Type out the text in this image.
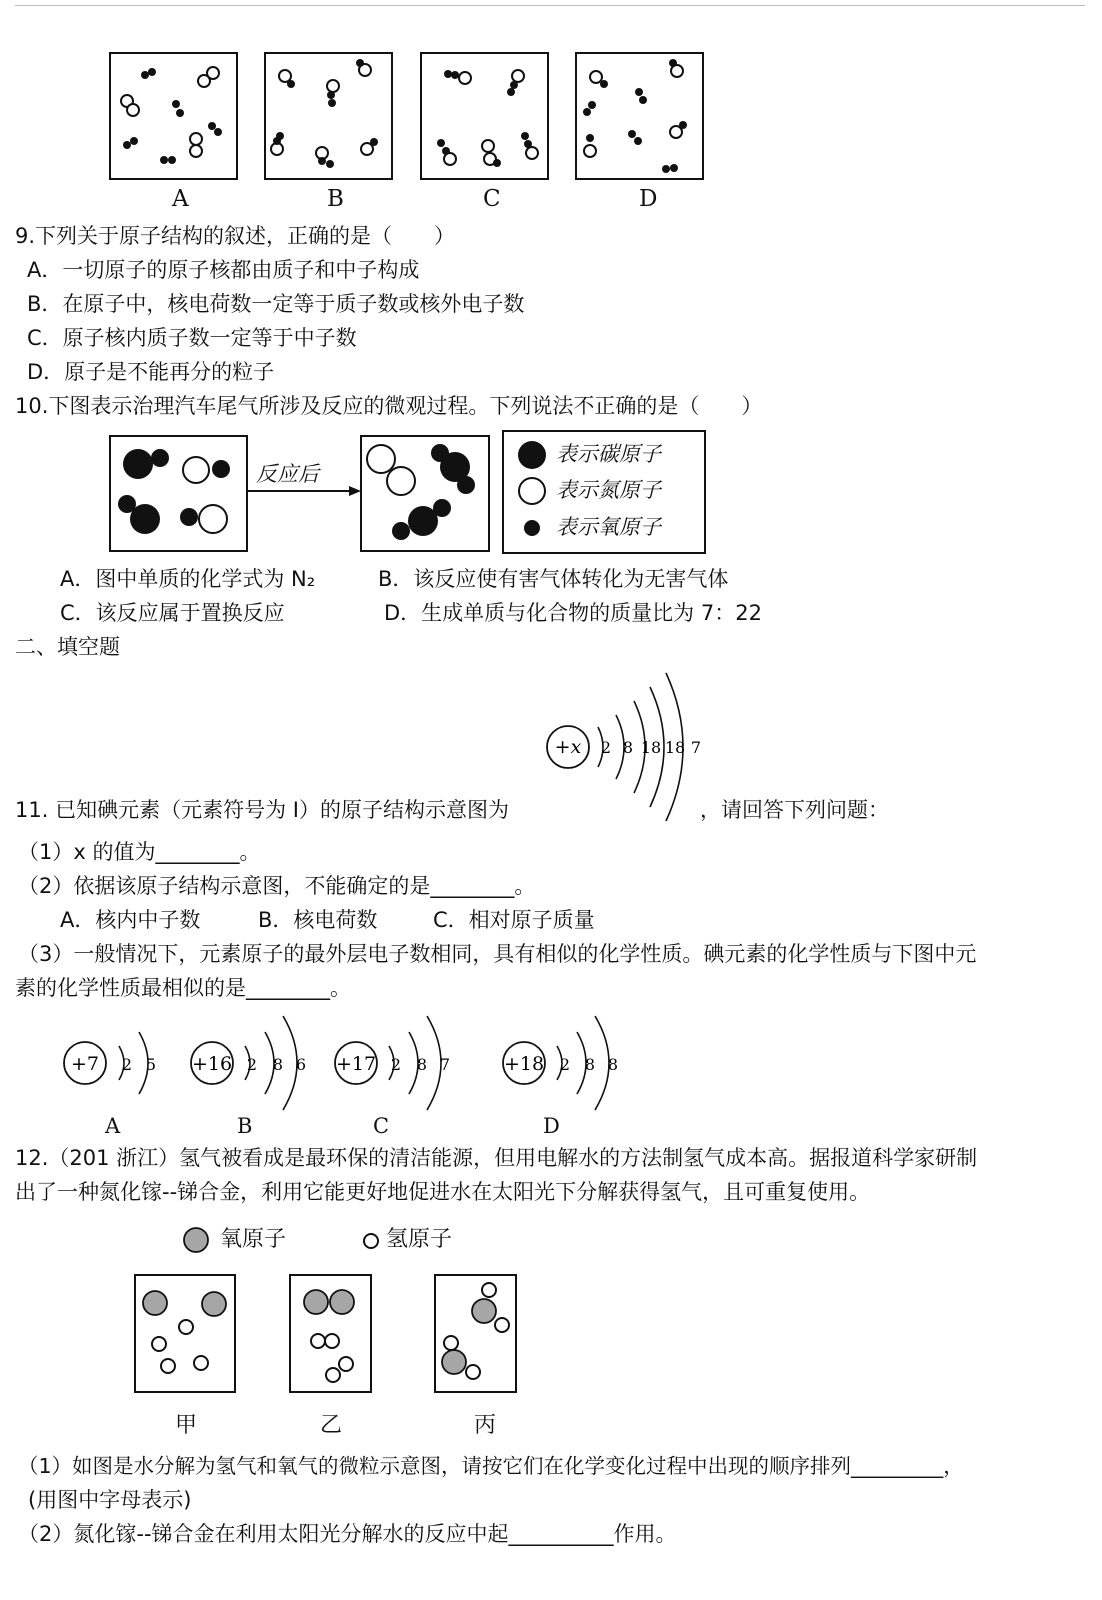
A	B	C	D
9.下列关于原子结构的叙述，正确的是（　　）
A．一切原子的原子核都由质子和中子构成
B．在原子中，核电荷数一定等于质子数或核外电子数
C．原子核内质子数一定等于中子数
D．原子是不能再分的粒子
10.下图表示治理汽车尾气所涉及反应的微观过程。下列说法不正确的是（　　）
反应后
表示碳原子
表示氮原子
表示氧原子
A．图中单质的化学式为 N₂	B．该反应使有害气体转化为无害气体
C．该反应属于置换反应	D．生成单质与化合物的质量比为 7：22
二、填空题
+x 2 8 18 18 7
11. 已知碘元素（元素符号为 I）的原子结构示意图为	，请回答下列问题：
（1）x 的值为________。
（2）依据该原子结构示意图，不能确定的是________。
A．核内中子数	B．核电荷数	C．相对原子质量
（3）一般情况下，元素原子的最外层电子数相同，具有相似的化学性质。碘元素的化学性质与下图中元
素的化学性质最相似的是________。
+7 2 5 +16 2 8 6 +17 2 8 7	+18 2 8 8
A	B	C	D
12.（201 浙江）氢气被看成是最环保的清洁能源，但用电解水的方法制氢气成本高。据报道科学家研制
出了一种氮化镓--锑合金，利用它能更好地促进水在太阳光下分解获得氢气，且可重复使用。
氧原子	氢原子
甲	乙	丙
（1）如图是水分解为氢气和氧气的微粒示意图，请按它们在化学变化过程中出现的顺序排列_________，
(用图中字母表示)
（2）氮化镓--锑合金在利用太阳光分解水的反应中起__________作用。
